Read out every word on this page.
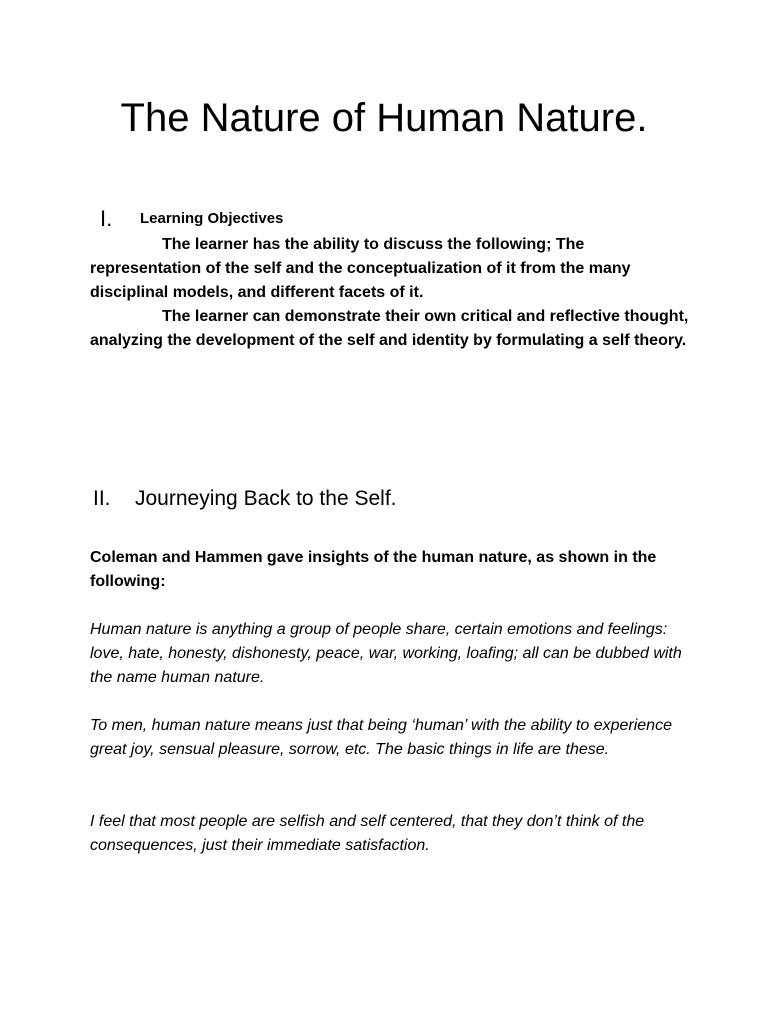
The Nature of Human Nature.
I. Learning Objectives

The learner has the ability to discuss the following; The representation of the self and the conceptualization of it from the many disciplinal models, and different facets of it.

The learner can demonstrate their own critical and reflective thought, analyzing the development of the self and identity by formulating a self theory.

II. Journeying Back to the Self.

Coleman and Hammen gave insights of the human nature, as shown in the following:

Human nature is anything a group of people share, certain emotions and feelings: love, hate, honesty, dishonesty, peace, war, working, loafing; all can be dubbed with the name human nature.

To men, human nature means just that being ‘human’ with the ability to experience great joy, sensual pleasure, sorrow, etc. The basic things in life are these.

I feel that most people are selfish and self centered, that they don’t think of the consequences, just their immediate satisfaction.
